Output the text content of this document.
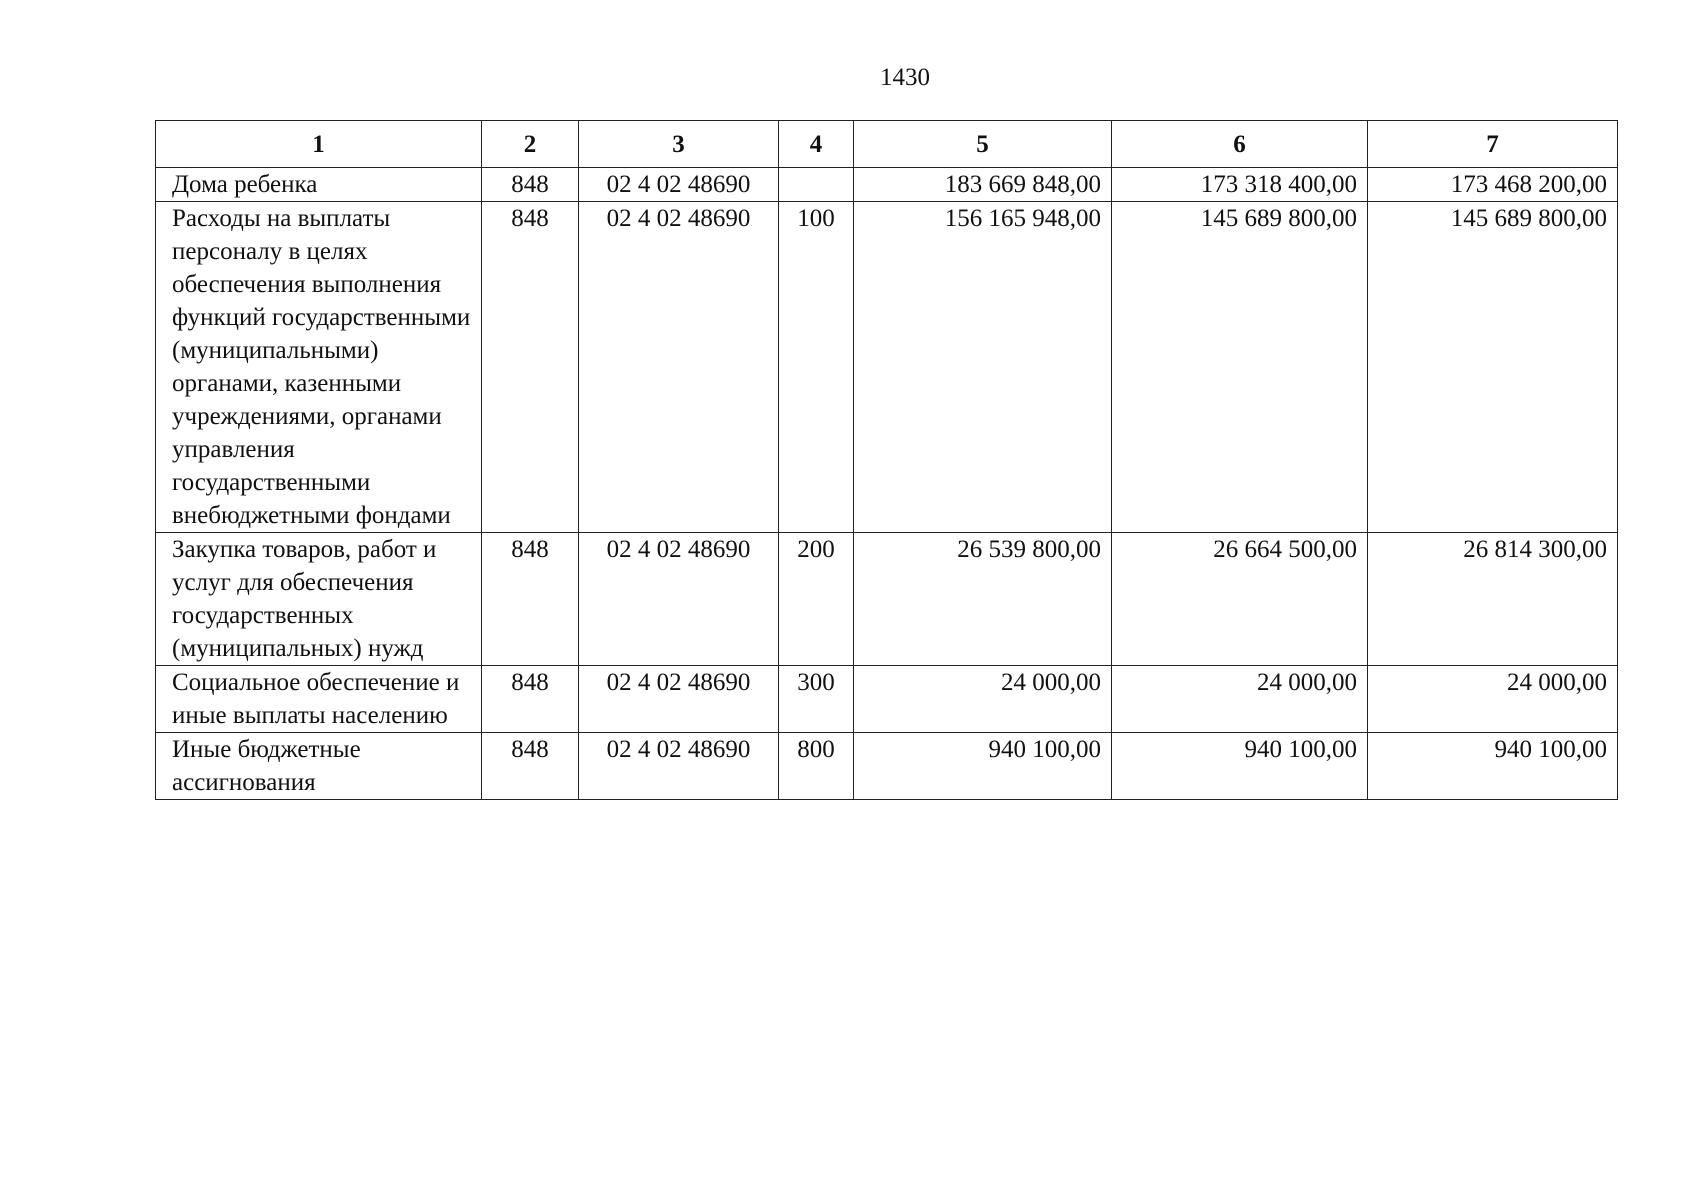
1430
1	2	3	4	5	6	7
Дома ребенка	848	02 4 02 48690		183 669 848,00	173 318 400,00	173 468 200,00
Расходы на выплаты персоналу в целях обеспечения выполнения функций государственными (муниципальными) органами, казенными учреждениями, органами управления государственными внебюджетными фондами	848	02 4 02 48690	100	156 165 948,00	145 689 800,00	145 689 800,00
Закупка товаров, работ и услуг для обеспечения государственных (муниципальных) нужд	848	02 4 02 48690	200	26 539 800,00	26 664 500,00	26 814 300,00
Социальное обеспечение и иные выплаты населению	848	02 4 02 48690	300	24 000,00	24 000,00	24 000,00
Иные бюджетные ассигнования	848	02 4 02 48690	800	940 100,00	940 100,00	940 100,00
